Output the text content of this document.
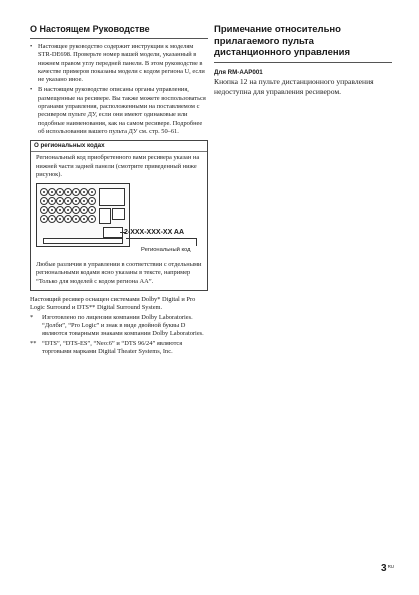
О Настоящем Руководстве
• Настоящее руководство содержит инструкции к моделям STR-DE698. Проверьте номер вашей модели, указанный в нижнем правом углу передней панели. В этом руководстве в качестве примеров показаны модели с кодом региона U, если не указано иное.
• В настоящем руководстве описаны органы управления, размещенные на ресивере. Вы также можете воспользоваться органами управления, расположенными на поставляемом с ресивером пульте ДУ, если они имеют одинаковые или подобные наименования, как на самом ресивере. Подробнее об использовании вашего пульта ДУ см. стр. 50–61.
О региональных кодах
Региональный код приобретенного вами ресивера указан на нижней части задней панели (смотрите приведенный ниже рисунок).
2-XXX-XXX-XX AA
Региональный код
Любые различия в управлении в соответствии с отдельными региональными кодами ясно указаны в тексте, например “Только для моделей с кодом региона АА”.
Настоящий ресивер оснащен системами Dolby* Digital и Pro Logic Surround и DTS** Digital Surround System.
* Изготовлено по лицензии компании Dolby Laboratories. “Долби”, “Pro Logic” и знак в виде двойной буквы D являются товарными знаками компании Dolby Laboratories.
** “DTS”, “DTS-ES”, “Neo:6” и “DTS 96/24” являются торговыми марками Digital Theater Systems, Inc.
Примечание относительно прилагаемого пульта дистанционного управления
Для RM-AAP001
Кнопка 12 на пульте дистанционного управления недоступна для управления ресивером.
$3^{RU}$
